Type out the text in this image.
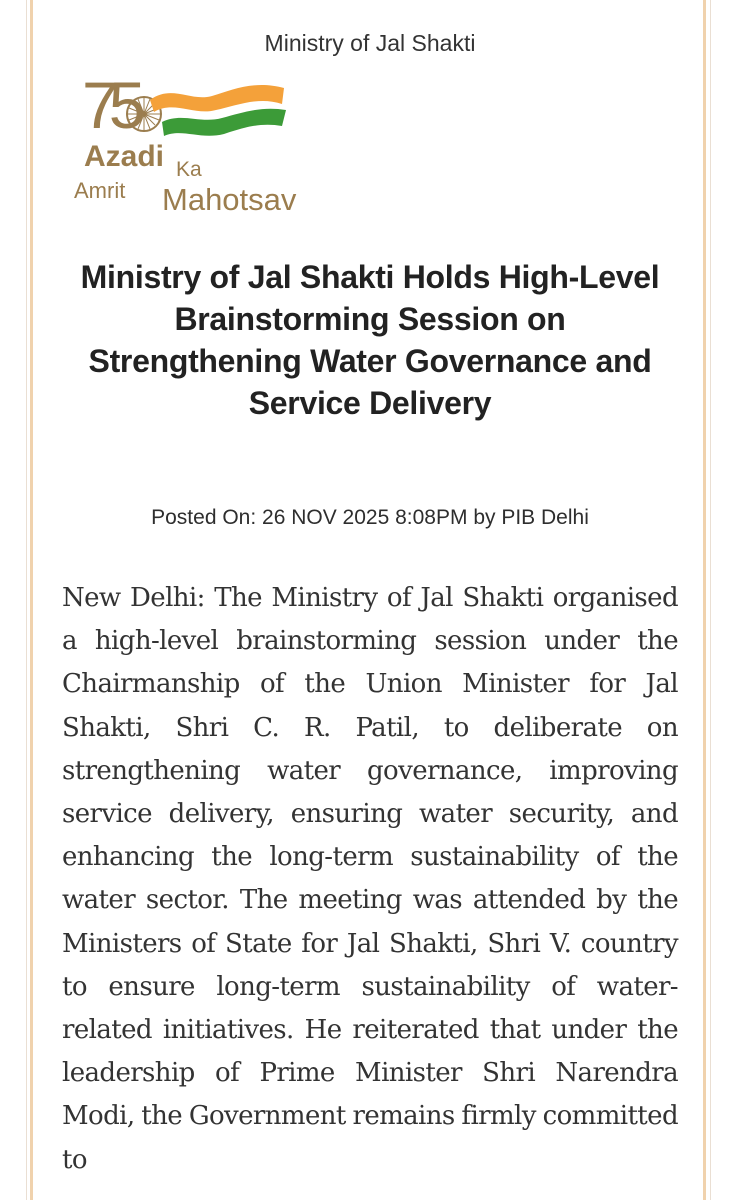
Ministry of Jal Shakti
75
Azadi Ka
Amrit Mahotsav
Ministry of Jal Shakti Holds High-Level Brainstorming Session on Strengthening Water Governance and Service Delivery
Posted On: 26 NOV 2025 8:08PM by PIB Delhi

New Delhi: The Ministry of Jal Shakti organised a high-level brainstorming session under the Chairmanship of the Union Minister for Jal Shakti, Shri C. R. Patil, to deliberate on strengthening water governance, improving service delivery, ensuring water security, and enhancing the long-term sustainability of the water sector. The meeting was attended by the Ministers of State for Jal Shakti, Shri V. country to ensure long-term sustainability of water-related initiatives. He reiterated that under the leadership of Prime Minister Shri Narendra Modi, the Government remains firmly committed to
